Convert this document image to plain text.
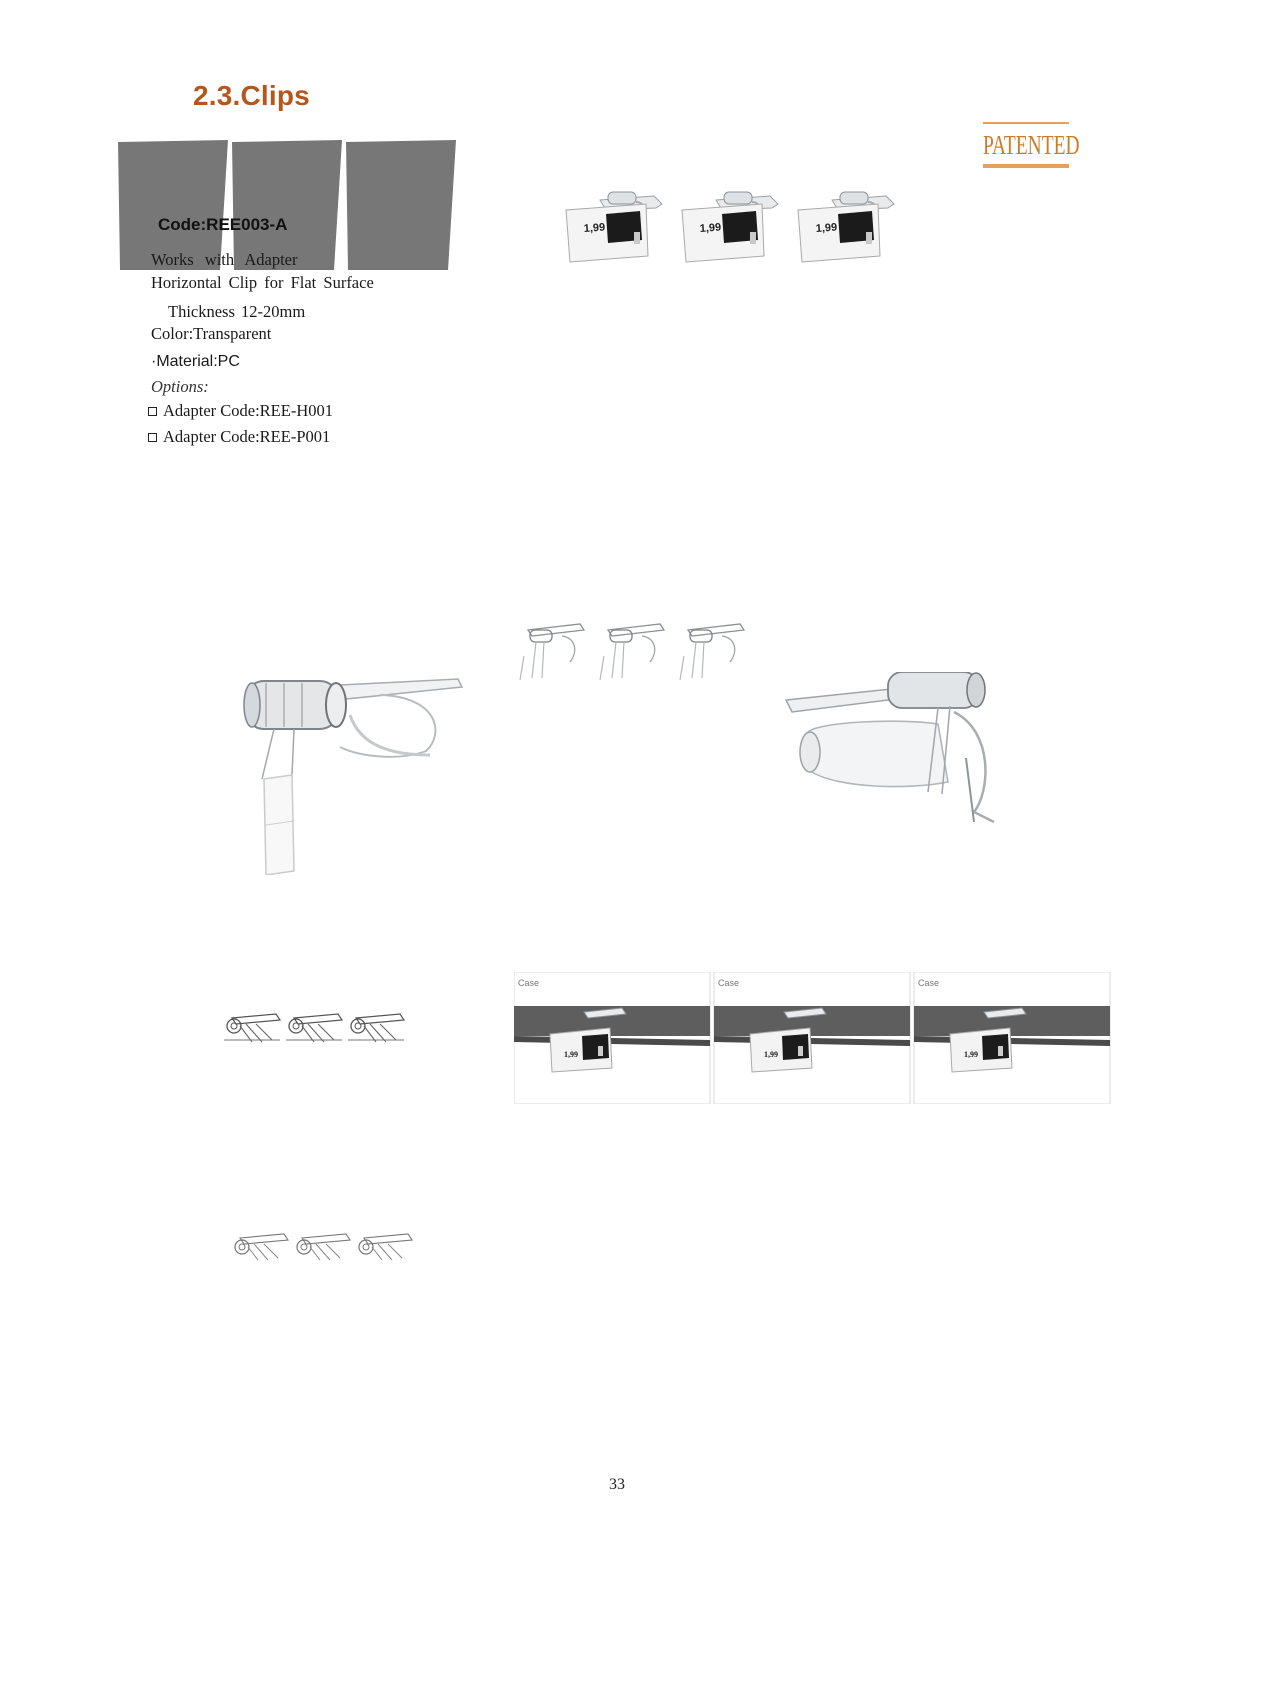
2.3.Clips
PATENTED
Code:REE003-A
Works with Adapter
Horizontal Clip for Flat Surface
Thickness 12-20mm
Color:Transparent
·Material:PC
Options:
Adapter Code:REE-H001
Adapter Code:REE-P001
Case	Case	Case
1,99	1,99	1,99
33
